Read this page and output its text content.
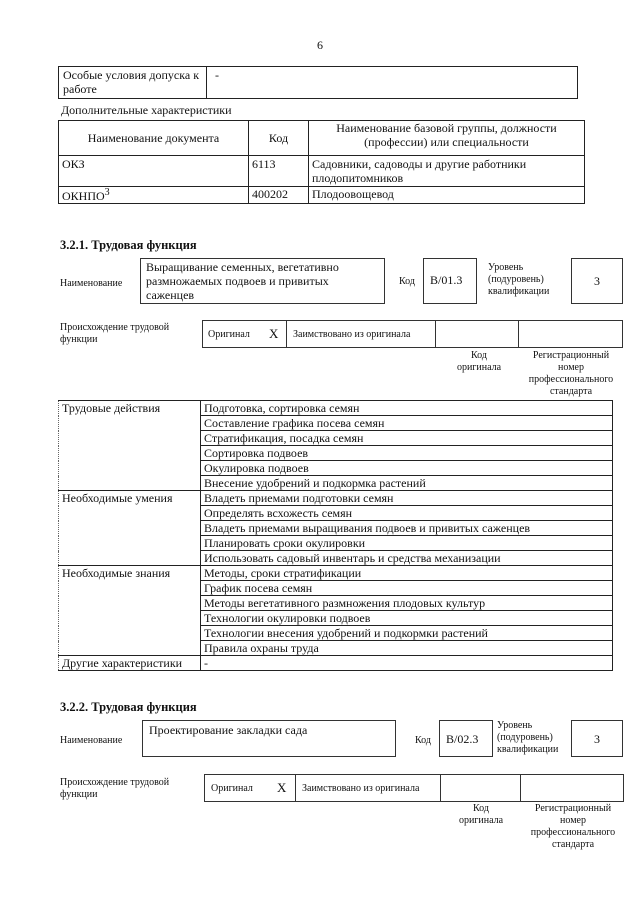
6
Особые условия допуска к работе	-
Дополнительные характеристики
Наименование документа	Код	Наименование базовой группы, должности (профессии) или специальности
ОКЗ	6113	Садовники, садоводы и другие работники плодопитомников
ОКНПО$^3$	400202	Плодоовощевод
3.2.1. Трудовая функция
Наименование
Выращивание семенных, вегетативно размножаемых подвоев и привитых саженцев
Код	B/01.3
Уровень (подуровень) квалификации
3
Происхождение трудовой функции	Оригинал X Заимствовано из оригинала
Код оригинала
Регистрационный номер профессионального стандарта
Трудовые действия	Подготовка, сортировка семян
	Составление графика посева семян
	Стратификация, посадка семян
	Сортировка подвоев
	Окулировка подвоев
	Внесение удобрений и подкормка растений
Необходимые умения	Владеть приемами подготовки семян
	Определять всхожесть семян
	Владеть приемами выращивания подвоев и привитых саженцев
	Планировать сроки окулировки
	Использовать садовый инвентарь и средства механизации
Необходимые знания	Методы, сроки стратификации
	График посева семян
	Методы вегетативного размножения плодовых культур
	Технологии окулировки подвоев
	Технологии внесения удобрений и подкормки растений
	Правила охраны труда
Другие характеристики	-
3.2.2. Трудовая функция
Наименование
Проектирование закладки сада
Код	B/02.3
Уровень (подуровень) квалификации
3
Происхождение трудовой функции
Оригинал X Заимствовано из оригинала
Код оригинала
Регистрационный номер профессионального стандарта
